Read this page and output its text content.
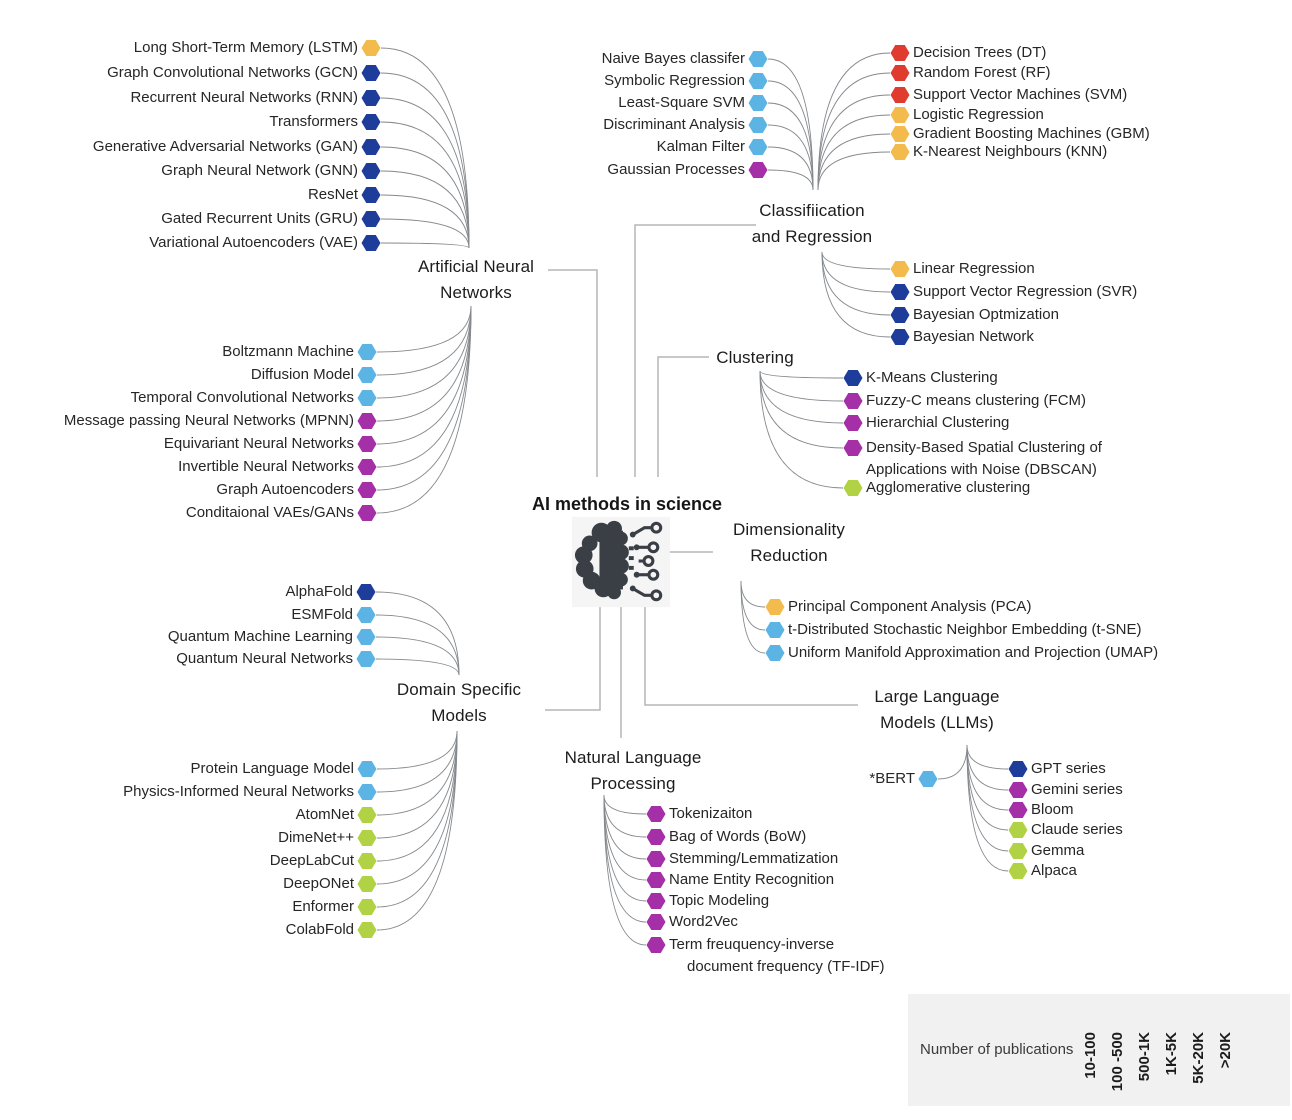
AI methods in science
Number of publications
Long Short-Term Memory (LSTM)
Graph Convolutional Networks (GCN)
Recurrent Neural Networks (RNN)
Transformers
Generative Adversarial Networks (GAN)
Graph Neural Network (GNN)
ResNet
Gated Recurrent Units (GRU)
Variational Autoencoders (VAE)
Boltzmann Machine
Diffusion Model
Temporal Convolutional Networks
Message passing Neural Networks (MPNN)
Equivariant Neural Networks
Invertible Neural Networks
Graph Autoencoders
Conditaional VAEs/GANs
Naive Bayes classifer
Symbolic Regression
Least-Square SVM
Discriminant Analysis
Kalman Filter
Gaussian Processes
Decision Trees (DT)
Random Forest (RF)
Support Vector Machines (SVM)
Logistic Regression
Gradient Boosting Machines (GBM)
K-Nearest Neighbours (KNN)
Linear Regression
Support Vector Regression (SVR)
Bayesian Optmization
Bayesian Network
K-Means Clustering
Fuzzy-C means clustering (FCM)
Hierarchial Clustering
Density-Based Spatial Clustering of
Applications with Noise (DBSCAN)
Agglomerative clustering
Principal Component Analysis (PCA)
t-Distributed Stochastic Neighbor Embedding (t-SNE)
Uniform Manifold Approximation and Projection (UMAP)
*BERT
GPT series
Gemini series
Bloom
Claude series
Gemma
Alpaca
AlphaFold
ESMFold
Quantum Machine Learning
Quantum Neural Networks
Protein Language Model
Physics-Informed Neural Networks
AtomNet
DimeNet++
DeepLabCut
DeepONet
Enformer
ColabFold
Tokenizaiton
Bag of Words (BoW)
Stemming/Lemmatization
Name Entity Recognition
Topic Modeling
Word2Vec
Term freuquency-inverse
document frequency (TF-IDF)
Artificial Neural
Networks
Classifiication
and Regression
Clustering
Dimensionality
Reduction
Large Language
Models (LLMs)
Domain Specific
Models
Natural Language
Processing
10-100 100 -500 500-1K 1K-5K 5K-20K >20K
